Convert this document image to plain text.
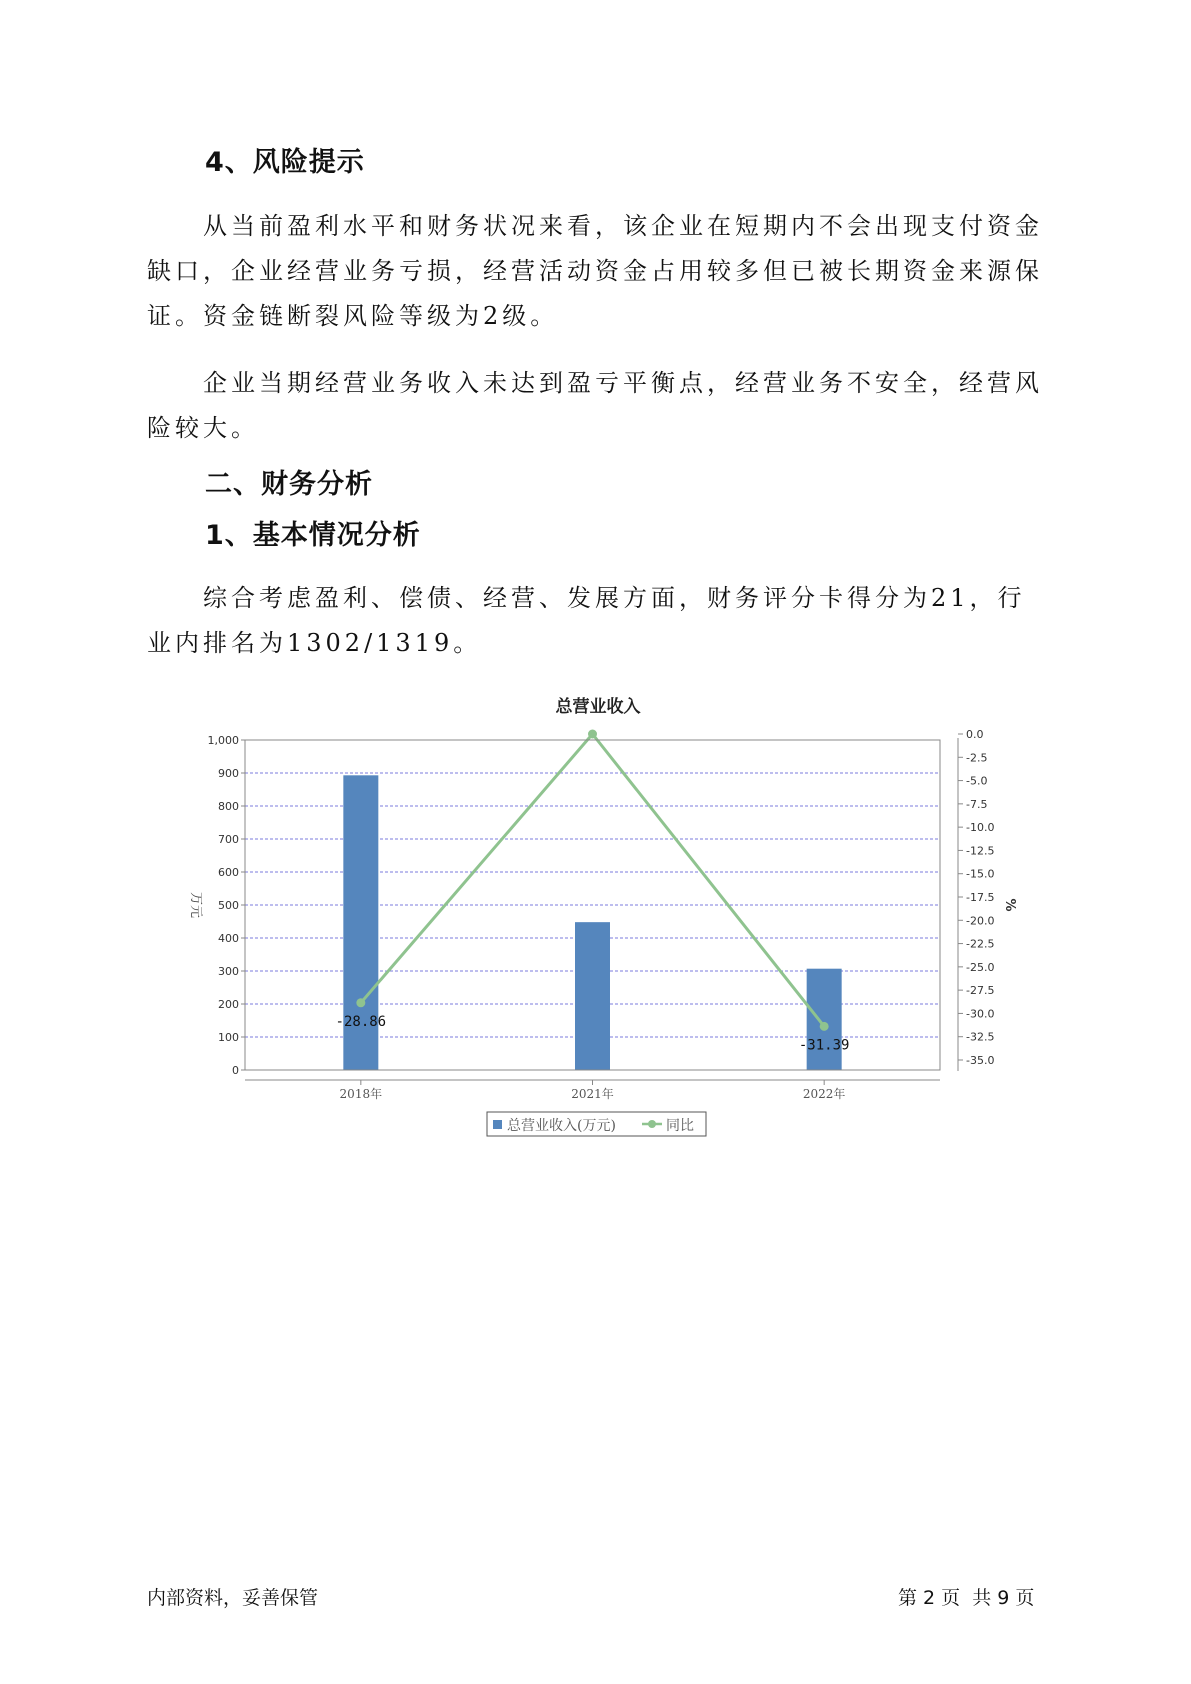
4、风险提示

从当前盈利水平和财务状况来看，该企业在短期内不会出现支付资金缺口，企业经营业务亏损，经营活动资金占用较多但已被长期资金来源保证。资金链断裂风险等级为2级。

企业当期经营业务收入未达到盈亏平衡点，经营业务不安全，经营风险较大。

二、财务分析
1、基本情况分析

综合考虑盈利、偿债、经营、发展方面，财务评分卡得分为21，行业内排名为1302/1319。

总营业收入
0
100
200
300
400
500
600
700
800
900
1,000	0.0
-2.5
-5.0
-7.5
-10.0
-12.5
-15.0
-17.5
-20.0
-22.5
-25.0
-27.5
-30.0
-32.5
-35.0
2018年	2021年	2022年
-28.86
-31.39
万元	%
总营业收入(万元)	同比
内部资料，妥善保管	第 2 页  共 9 页
